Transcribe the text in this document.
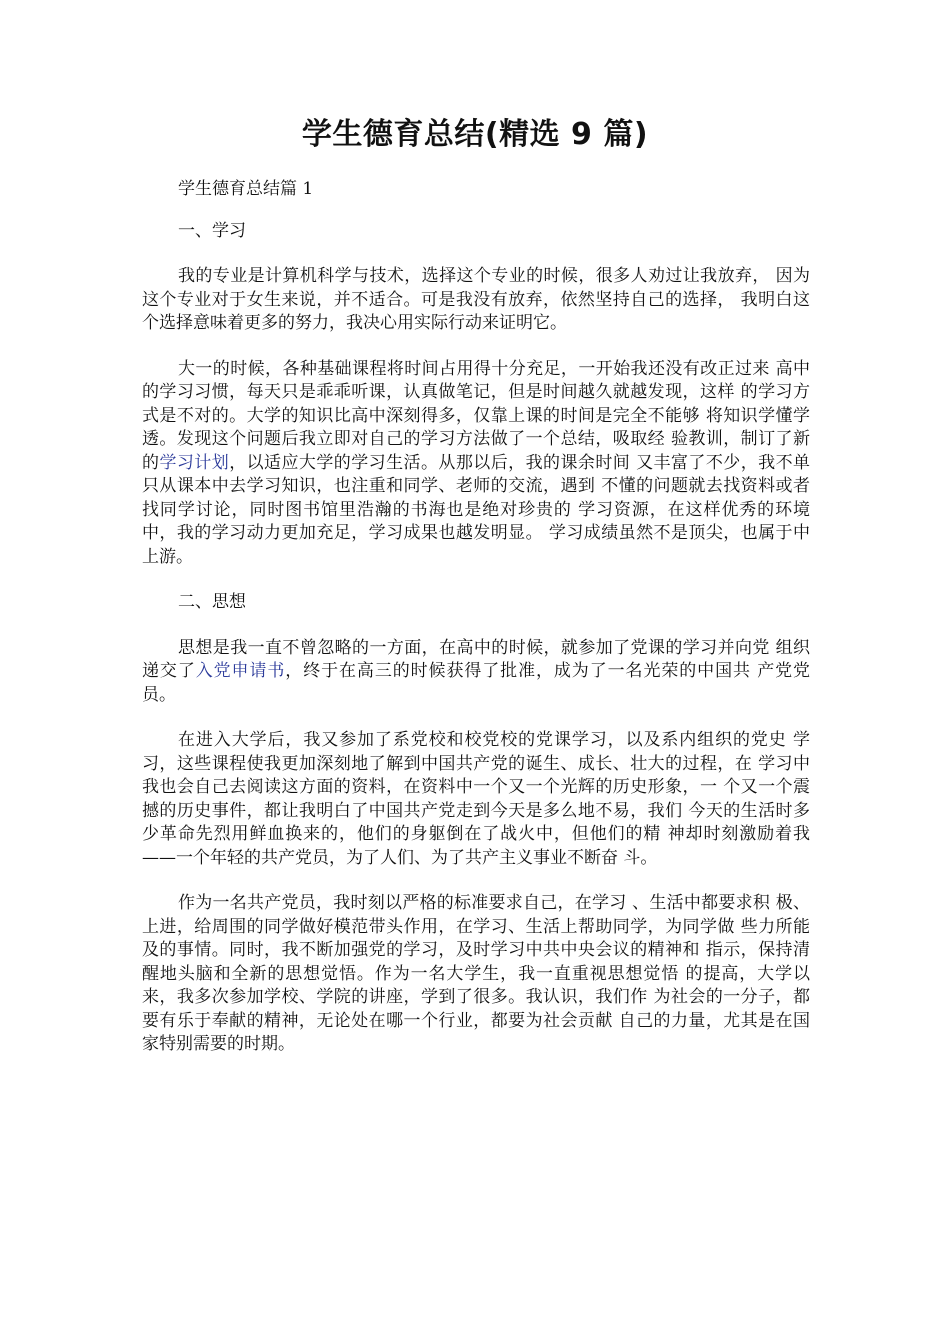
学生德育总结(精选 9 篇)

学生德育总结篇 1

一、学习

我的专业是计算机科学与技术，选择这个专业的时候，很多人劝过让我放弃， 因为这个专业对于女生来说，并不适合。可是我没有放弃，依然坚持自己的选择， 我明白这个选择意味着更多的努力，我决心用实际行动来证明它。

大一的时候，各种基础课程将时间占用得十分充足，一开始我还没有改正过来 高中的学习习惯，每天只是乖乖听课，认真做笔记，但是时间越久就越发现，这样 的学习方式是不对的。大学的知识比高中深刻得多，仅靠上课的时间是完全不能够 将知识学懂学透。发现这个问题后我立即对自己的学习方法做了一个总结，吸取经 验教训，制订了新的学习计划，以适应大学的学习生活。从那以后，我的课余时间 又丰富了不少，我不单只从课本中去学习知识，也注重和同学、老师的交流，遇到 不懂的问题就去找资料或者找同学讨论，同时图书馆里浩瀚的书海也是绝对珍贵的 学习资源，在这样优秀的环境中，我的学习动力更加充足，学习成果也越发明显。 学习成绩虽然不是顶尖，也属于中上游。

二、思想

思想是我一直不曾忽略的一方面，在高中的时候，就参加了党课的学习并向党 组织递交了入党申请书，终于在高三的时候获得了批准，成为了一名光荣的中国共 产党党员。

在进入大学后，我又参加了系党校和校党校的党课学习，以及系内组织的党史 学习，这些课程使我更加深刻地了解到中国共产党的诞生、成长、壮大的过程，在 学习中我也会自己去阅读这方面的资料，在资料中一个又一个光辉的历史形象，一 个又一个震撼的历史事件，都让我明白了中国共产党走到今天是多么地不易，我们 今天的生活时多少革命先烈用鲜血换来的，他们的身躯倒在了战火中，但他们的精 神却时刻激励着我——一个年轻的共产党员，为了人们、为了共产主义事业不断奋 斗。

作为一名共产党员，我时刻以严格的标准要求自己，在学习 、生活中都要求积 极、上进，给周围的同学做好模范带头作用，在学习、生活上帮助同学，为同学做 些力所能及的事情。同时，我不断加强党的学习，及时学习中共中央会议的精神和 指示，保持清醒地头脑和全新的思想觉悟。作为一名大学生，我一直重视思想觉悟 的提高，大学以来，我多次参加学校、学院的讲座，学到了很多。我认识，我们作 为社会的一分子，都要有乐于奉献的精神，无论处在哪一个行业，都要为社会贡献 自己的力量，尤其是在国家特别需要的时期。
